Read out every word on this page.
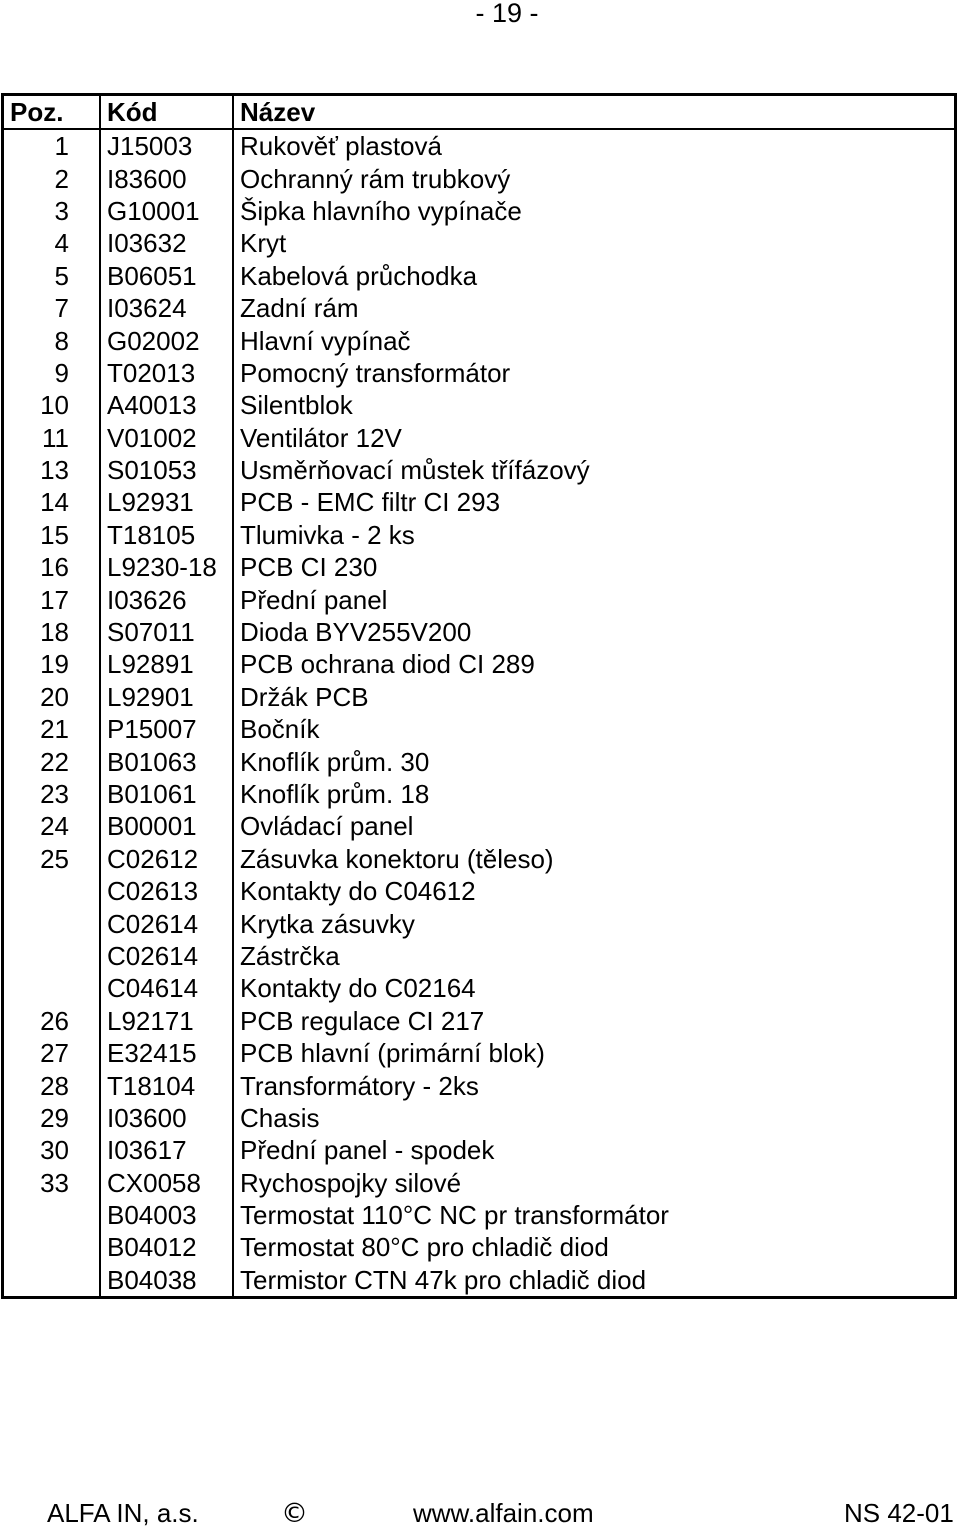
- 19 -
Poz.	Kód	Název
1	J15003	Rukověť plastová
2	I83600	Ochranný rám trubkový
3	G10001	Šipka hlavního vypínače
4	I03632	Kryt
5	B06051	Kabelová průchodka
7	I03624	Zadní rám
8	G02002	Hlavní vypínač
9	T02013	Pomocný transformátor
10	A40013	Silentblok
11	V01002	Ventilátor 12V
13	S01053	Usměrňovací můstek třífázový
14	L92931	PCB - EMC filtr CI 293
15	T18105	Tlumivka - 2 ks
16	L9230-18	PCB CI 230
17	I03626	Přední panel
18	S07011	Dioda BYV255V200
19	L92891	PCB ochrana diod CI 289
20	L92901	Držák PCB
21	P15007	Bočník
22	B01063	Knoflík prům. 30
23	B01061	Knoflík prům. 18
24	B00001	Ovládací panel
25	C02612	Zásuvka konektoru (těleso)
	C02613	Kontakty do C04612
	C02614	Krytka zásuvky
	C02614	Zástrčka
	C04614	Kontakty do C02164
26	L92171	PCB regulace CI 217
27	E32415	PCB hlavní (primární blok)
28	T18104	Transformátory - 2ks
29	I03600	Chasis
30	I03617	Přední panel - spodek
33	CX0058	Rychospojky silové
	B04003	Termostat 110°C NC pr transformátor
	B04012	Termostat 80°C pro chladič diod
	B04038	Termistor CTN 47k pro chladič diod
ALFA IN, a.s.	©	www.alfain.com	NS 42-01
